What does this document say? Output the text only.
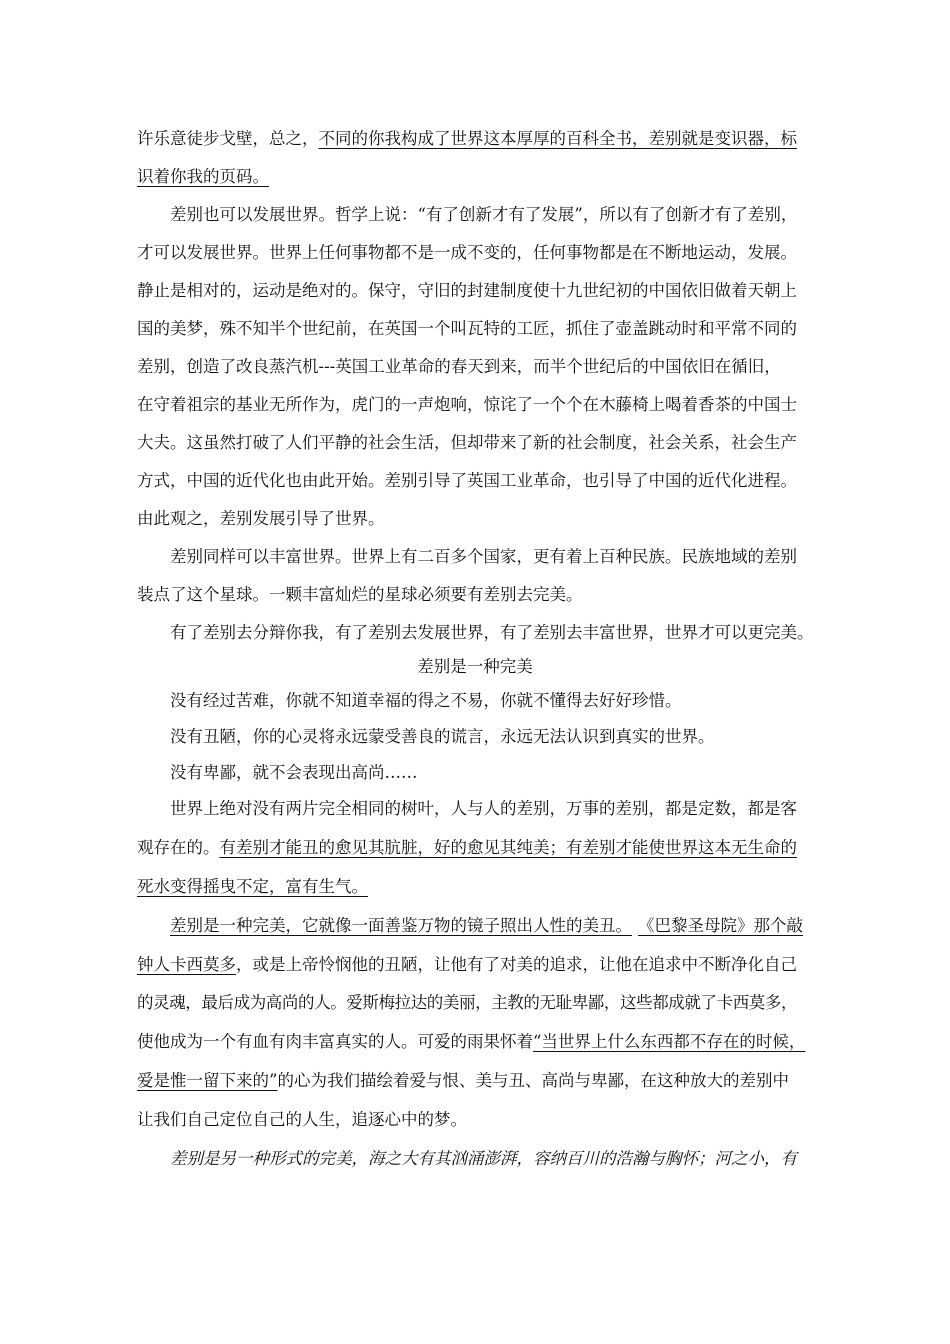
许乐意徒步戈壁，总之，不同的你我构成了世界这本厚厚的百科全书，差别就是变识器，标
识着你我的页码。
差别也可以发展世界。哲学上说：“有了创新才有了发展”，所以有了创新才有了差别，
才可以发展世界。世界上任何事物都不是一成不变的，任何事物都是在不断地运动，发展。
静止是相对的，运动是绝对的。保守，守旧的封建制度使十九世纪初的中国依旧做着天朝上
国的美梦，殊不知半个世纪前，在英国一个叫瓦特的工匠，抓住了壶盖跳动时和平常不同的
差别，创造了改良蒸汽机---英国工业革命的春天到来，而半个世纪后的中国依旧在循旧，
在守着祖宗的基业无所作为，虎门的一声炮响，惊诧了一个个在木藤椅上喝着香茶的中国士
大夫。这虽然打破了人们平静的社会生活，但却带来了新的社会制度，社会关系，社会生产
方式，中国的近代化也由此开始。差别引导了英国工业革命，也引导了中国的近代化进程。
由此观之，差别发展引导了世界。
差别同样可以丰富世界。世界上有二百多个国家，更有着上百种民族。民族地域的差别
装点了这个星球。一颗丰富灿烂的星球必须要有差别去完美。
有了差别去分辩你我，有了差别去发展世界，有了差别去丰富世界，世界才可以更完美。
差别是一种完美
没有经过苦难，你就不知道幸福的得之不易，你就不懂得去好好珍惜。
没有丑陋，你的心灵将永远蒙受善良的谎言，永远无法认识到真实的世界。
没有卑鄙，就不会表现出高尚……
世界上绝对没有两片完全相同的树叶，人与人的差别，万事的差别，都是定数，都是客
观存在的。有差别才能丑的愈见其肮脏，好的愈见其纯美；有差别才能使世界这本无生命的
死水变得摇曳不定，富有生气。
差别是一种完美，它就像一面善鉴万物的镜子照出人性的美丑。 《巴黎圣母院》那个敲
钟人卡西莫多，或是上帝怜悯他的丑陋，让他有了对美的追求，让他在追求中不断净化自己
的灵魂，最后成为高尚的人。爱斯梅拉达的美丽，主教的无耻卑鄙，这些都成就了卡西莫多，
使他成为一个有血有肉丰富真实的人。可爱的雨果怀着“当世界上什么东西都不存在的时候，
爱是惟一留下来的”的心为我们描绘着爱与恨、美与丑、高尚与卑鄙，在这种放大的差别中
让我们自己定位自己的人生，追逐心中的梦。
差别是另一种形式的完美，海之大有其汹涌澎湃，容纳百川的浩瀚与胸怀；河之小，有
